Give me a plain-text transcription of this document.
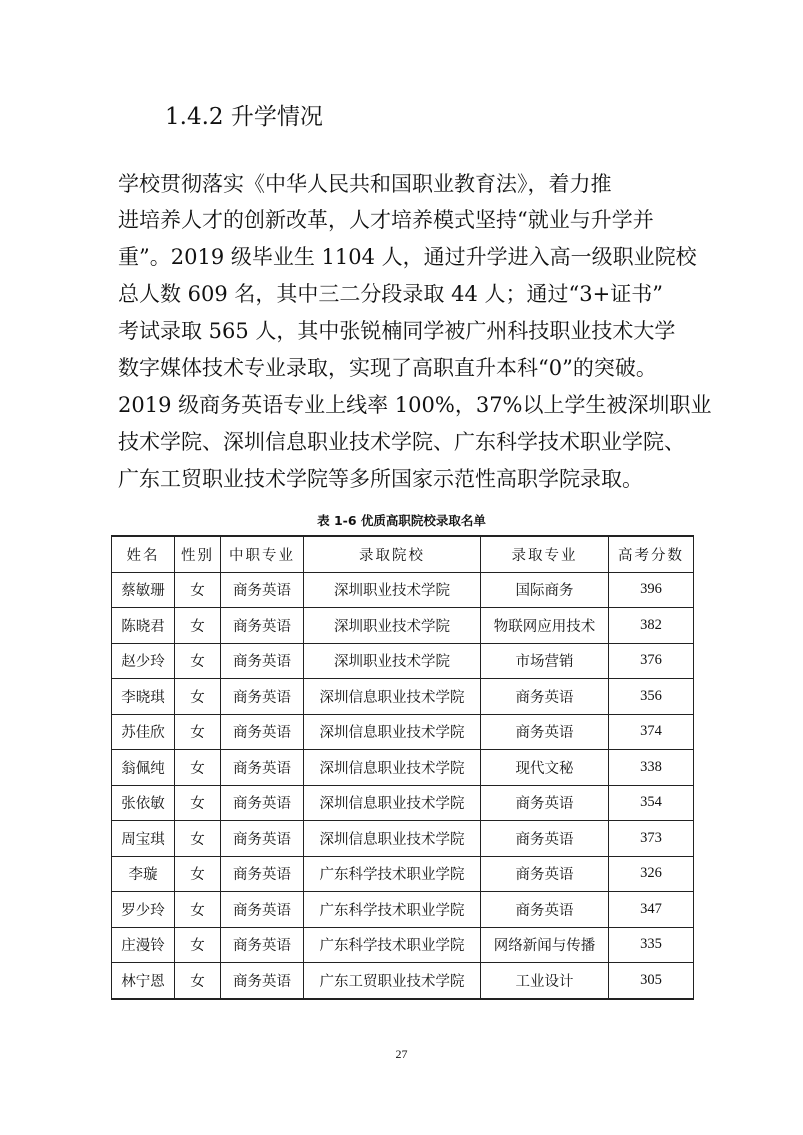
1.4.2 升学情况

学校贯彻落实《中华人民共和国职业教育法》，着力推

进培养人才的创新改革，人才培养模式坚持“就业与升学并

重”。2019 级毕业生 1104 人，通过升学进入高一级职业院校

总人数 609 名，其中三二分段录取 44 人；通过“3+证书”

考试录取 565 人，其中张锐楠同学被广州科技职业技术大学

数字媒体技术专业录取，实现了高职直升本科“0”的突破。

2019 级商务英语专业上线率 100%，37%以上学生被深圳职业

技术学院、深圳信息职业技术学院、广东科学技术职业学院、

广东工贸职业技术学院等多所国家示范性高职学院录取。

表 1-6 优质高职院校录取名单
姓名	性别	中职专业	录取院校	录取专业	高考分数
蔡敏珊	女	商务英语	深圳职业技术学院	国际商务	396
陈晓君	女	商务英语	深圳职业技术学院	物联网应用技术	382
赵少玲	女	商务英语	深圳职业技术学院	市场营销	376
李晓琪	女	商务英语	深圳信息职业技术学院	商务英语	356
苏佳欣	女	商务英语	深圳信息职业技术学院	商务英语	374
翁佩纯	女	商务英语	深圳信息职业技术学院	现代文秘	338
张依敏	女	商务英语	深圳信息职业技术学院	商务英语	354
周宝琪	女	商务英语	深圳信息职业技术学院	商务英语	373
李璇	女	商务英语	广东科学技术职业学院	商务英语	326
罗少玲	女	商务英语	广东科学技术职业学院	商务英语	347
庄漫铃	女	商务英语	广东科学技术职业学院	网络新闻与传播	335
林宁恩	女	商务英语	广东工贸职业技术学院	工业设计	305
27
